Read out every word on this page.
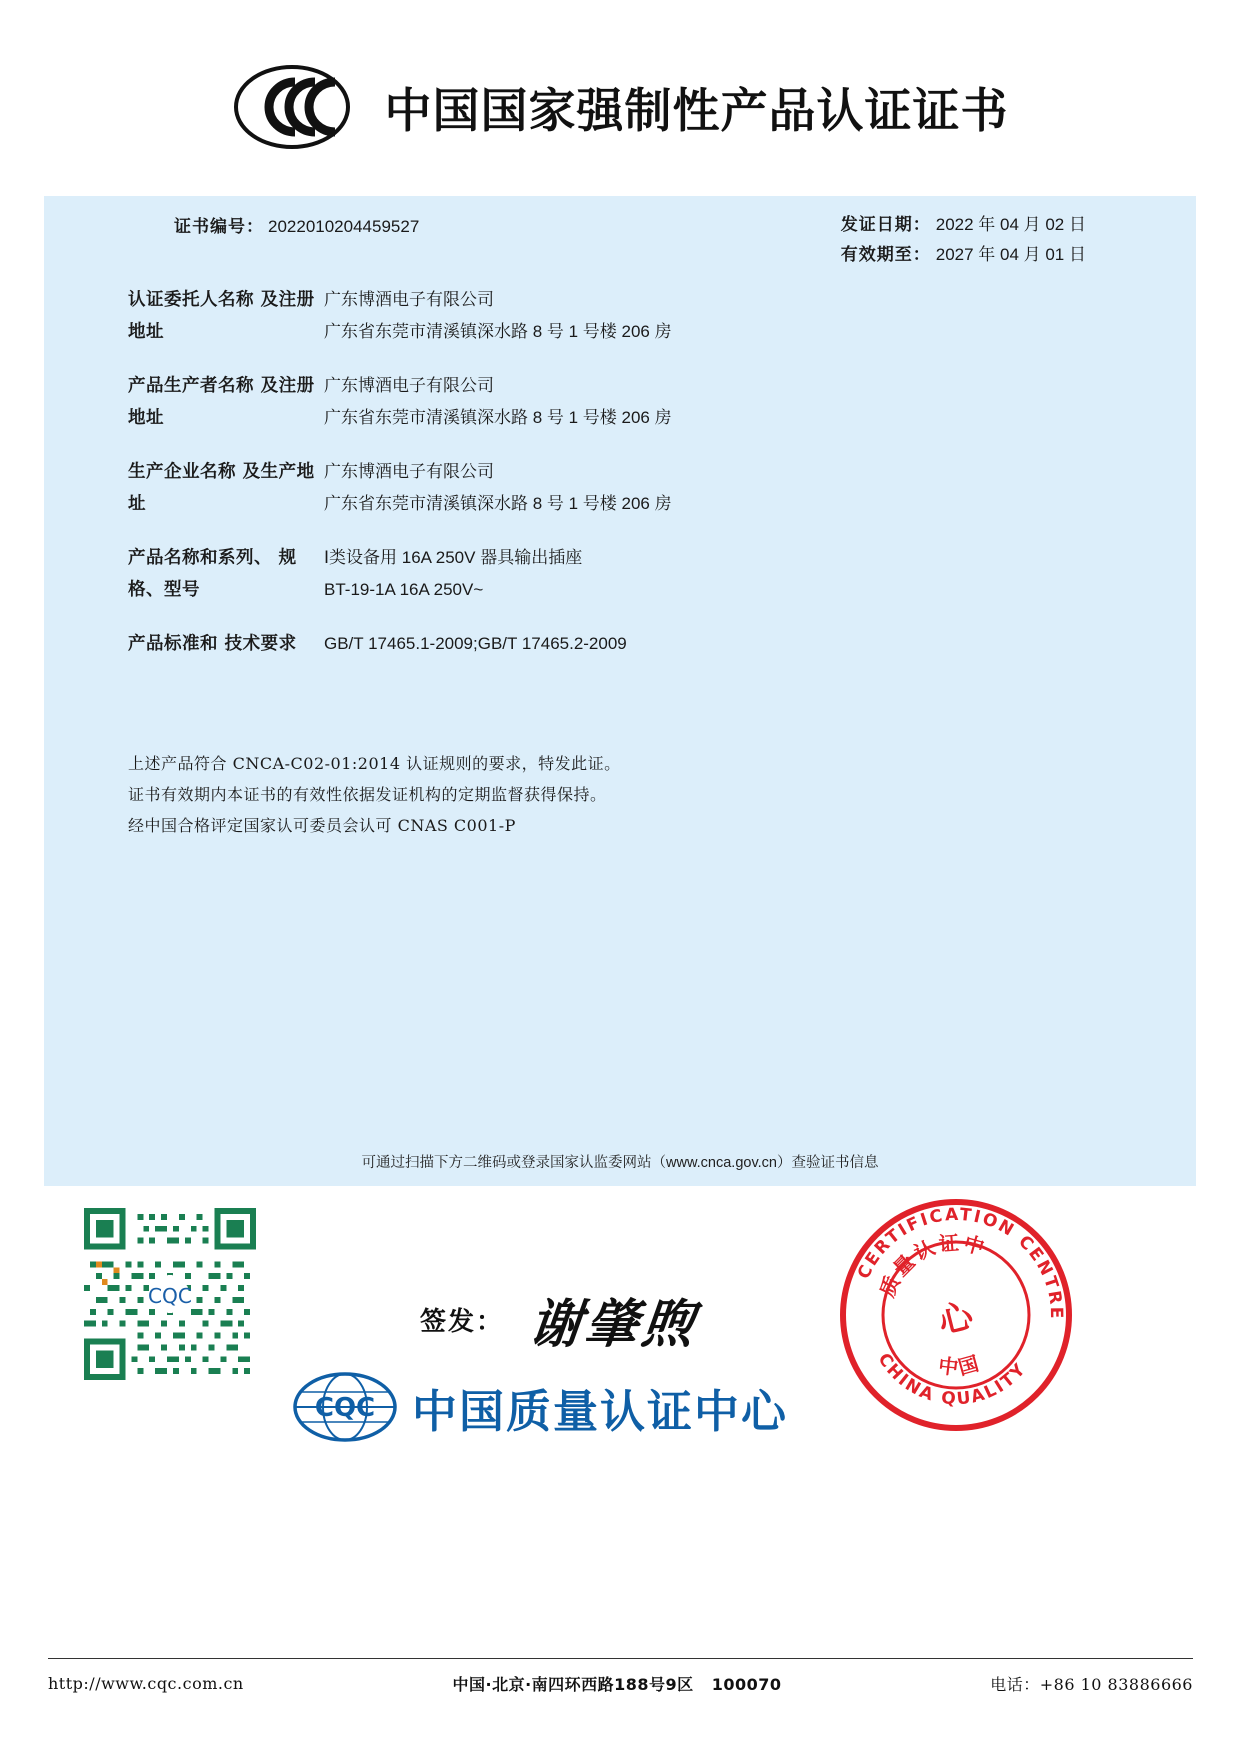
中国国家强制性产品认证证书
证书编号： 2022010204459527	发证日期： 2022 年 04 月 02 日
有效期至： 2027 年 04 月 01 日
认证委托人名称 及注册地址
广东博酒电子有限公司
广东省东莞市清溪镇深水路 8 号 1 号楼 206 房
产品生产者名称 及注册地址
广东博酒电子有限公司
广东省东莞市清溪镇深水路 8 号 1 号楼 206 房
生产企业名称 及生产地址
广东博酒电子有限公司
广东省东莞市清溪镇深水路 8 号 1 号楼 206 房
产品名称和系列、 规格、型号
Ⅰ类设备用 16A 250V 器具输出插座
BT-19-1A 16A 250V~
产品标准和 技术要求	GB/T 17465.1-2009;GB/T 17465.2-2009
上述产品符合 CNCA-C02-01:2014 认证规则的要求，特发此证。
证书有效期内本证书的有效性依据发证机构的定期监督获得保持。
经中国合格评定国家认可委员会认可 CNAS C001-P
可通过扫描下方二维码或登录国家认监委网站（www.cnca.gov.cn）查验证书信息
CQC
签发： 谢肇煦
CQC 中国质量认证中心
CERTIFICATION CENTRE
CHINA QUALITY
质量认证中
中国
心
http://www.cqc.com.cn	中国·北京·南四环西路188号9区 100070	电话：+86 10 83886666
